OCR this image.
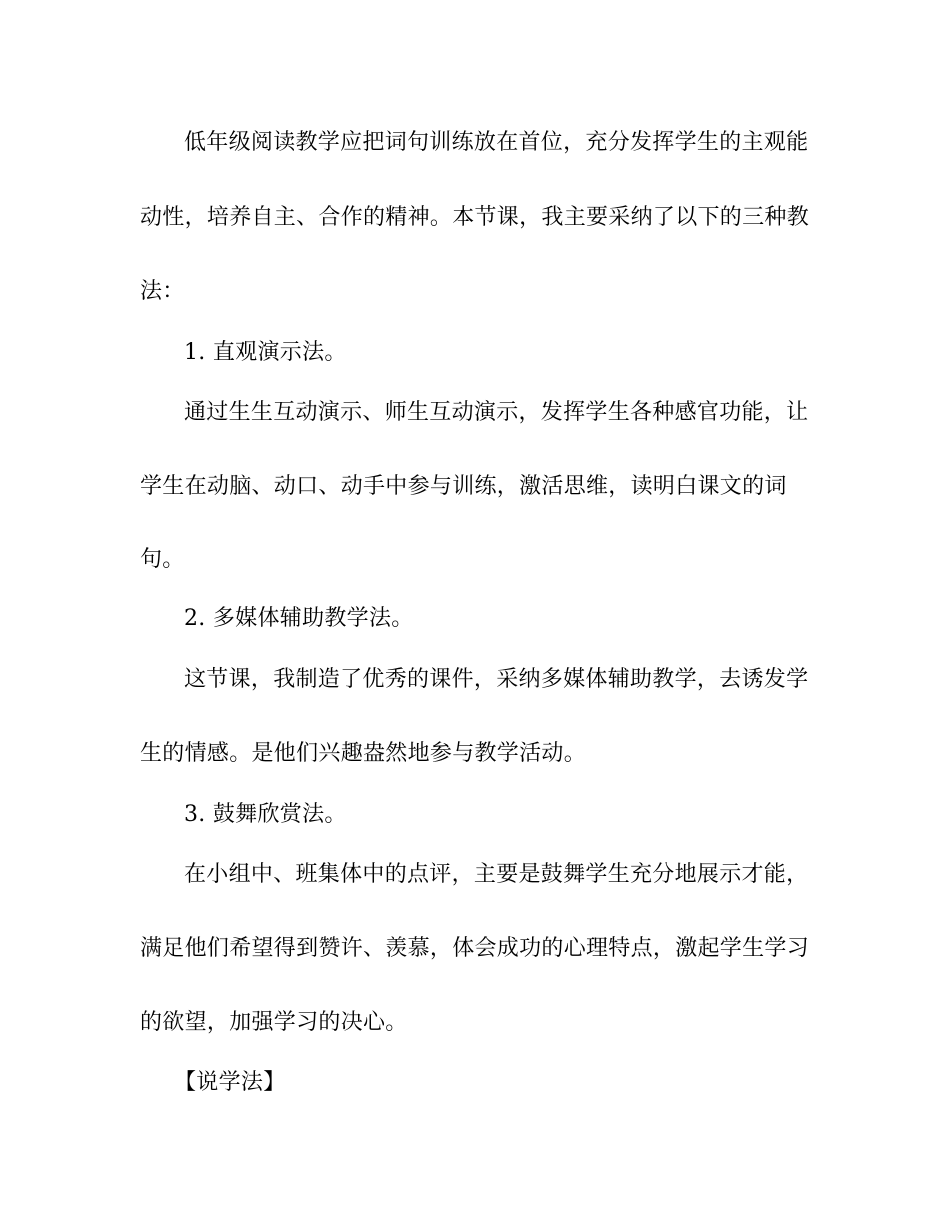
低年级阅读教学应把词句训练放在首位，充分发挥学生的主观能
动性，培养自主、合作的精神。本节课，我主要采纳了以下的三种教
法：
1. 直观演示法。
通过生生互动演示、师生互动演示，发挥学生各种感官功能，让
学生在动脑、动口、动手中参与训练，激活思维，读明白课文的词
句。
2. 多媒体辅助教学法。
这节课，我制造了优秀的课件，采纳多媒体辅助教学，去诱发学
生的情感。是他们兴趣盎然地参与教学活动。
3. 鼓舞欣赏法。
在小组中、班集体中的点评，主要是鼓舞学生充分地展示才能，
满足他们希望得到赞许、羡慕，体会成功的心理特点，激起学生学习
的欲望，加强学习的决心。
【说学法】
